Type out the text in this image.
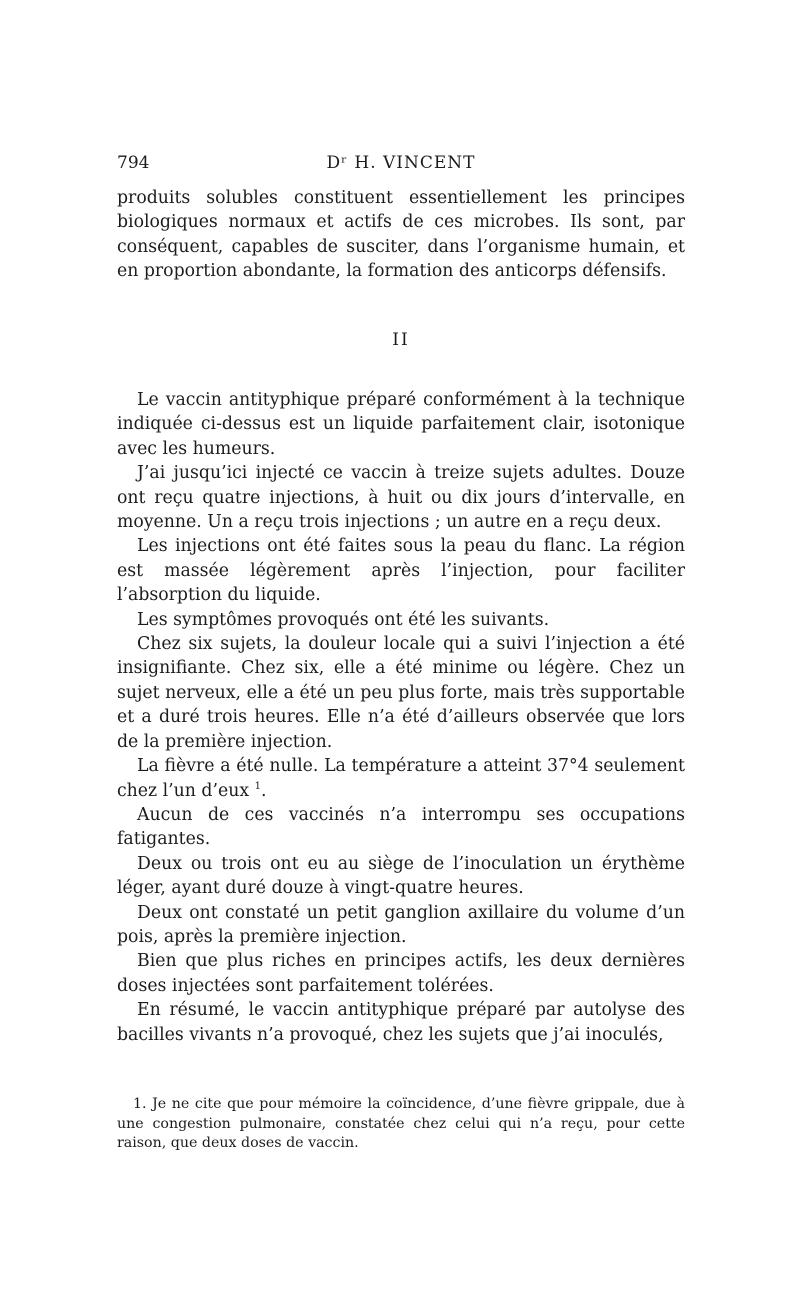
794	Dʳ H. VINCENT

produits solubles constituent essentiellement les principes biologiques normaux et actifs de ces microbes. Ils sont, par conséquent, capables de susciter, dans l’organisme humain, et en proportion abondante, la formation des anticorps défensifs.

II

Le vaccin antityphique préparé conformément à la technique indiquée ci-dessus est un liquide parfaitement clair, isotonique avec les humeurs.

J’ai jusqu’ici injecté ce vaccin à treize sujets adultes. Douze ont reçu quatre injections, à huit ou dix jours d’intervalle, en moyenne. Un a reçu trois injections ; un autre en a reçu deux.

Les injections ont été faites sous la peau du flanc. La région est massée légèrement après l’injection, pour faciliter l’absorption du liquide.

Les symptômes provoqués ont été les suivants.

Chez six sujets, la douleur locale qui a suivi l’injection a été insignifiante. Chez six, elle a été minime ou légère. Chez un sujet nerveux, elle a été un peu plus forte, mais très supportable et a duré trois heures. Elle n’a été d’ailleurs observée que lors de la première injection.

La fièvre a été nulle. La température a atteint 37°4 seulement chez l’un d’eux $^1$.

Aucun de ces vaccinés n’a interrompu ses occupations fatigantes.

Deux ou trois ont eu au siège de l’inoculation un érythème léger, ayant duré douze à vingt-quatre heures.

Deux ont constaté un petit ganglion axillaire du volume d’un pois, après la première injection.

Bien que plus riches en principes actifs, les deux dernières doses injectées sont parfaitement tolérées.

En résumé, le vaccin antityphique préparé par autolyse des bacilles vivants n’a provoqué, chez les sujets que j’ai inoculés,

1. Je ne cite que pour mémoire la coïncidence, d’une fièvre grippale, due à une congestion pulmonaire, constatée chez celui qui n’a reçu, pour cette raison, que deux doses de vaccin.
